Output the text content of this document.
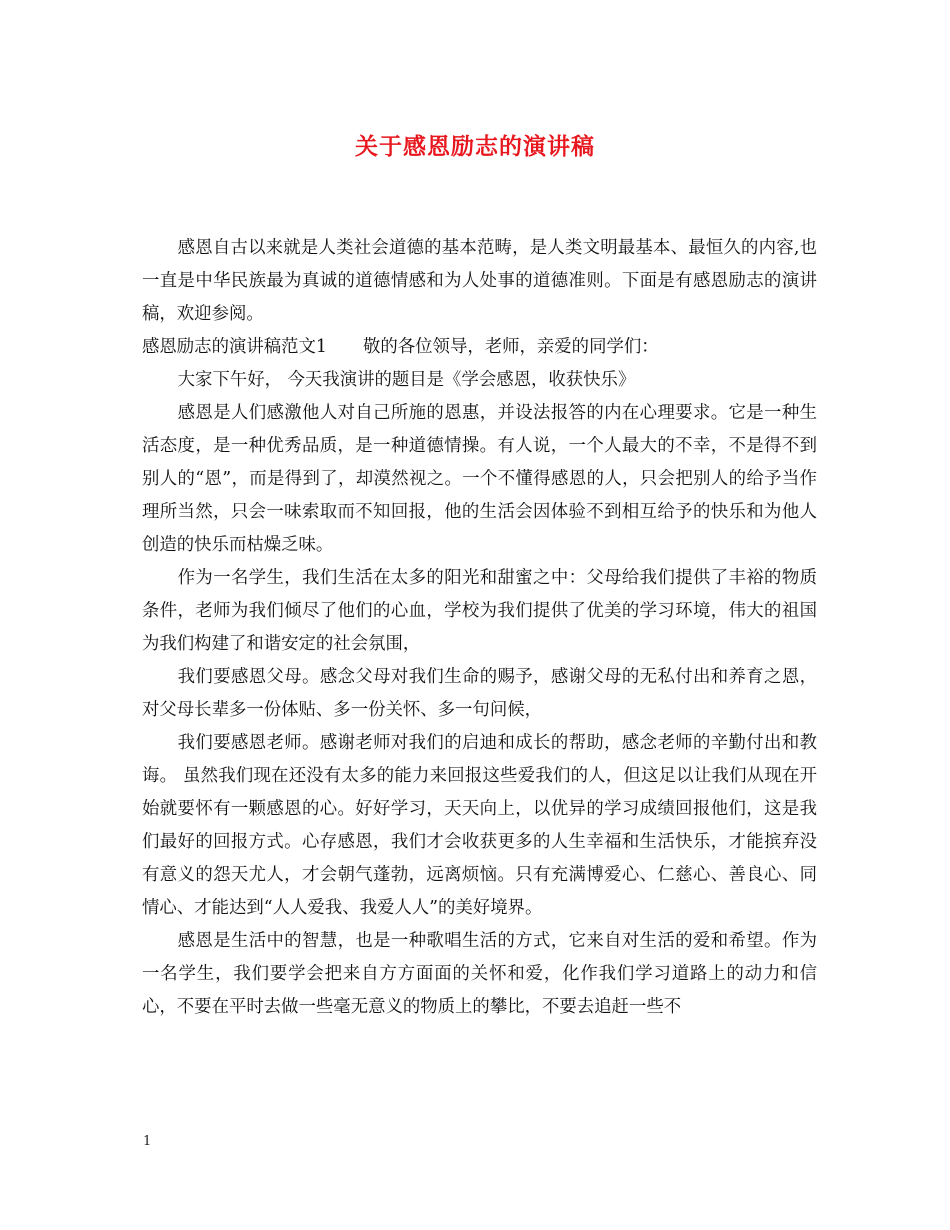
关于感恩励志的演讲稿

感恩自古以来就是人类社会道德的基本范畴，是人类文明最基本、最恒久的内容,也一直是中华民族最为真诚的道德情感和为人处事的道德准则。下面是有感恩励志的演讲稿，欢迎参阅。

感恩励志的演讲稿范文1 敬的各位领导，老师，亲爱的同学们：

大家下午好， 今天我演讲的题目是《学会感恩，收获快乐》

感恩是人们感激他人对自己所施的恩惠，并设法报答的内在心理要求。它是一种生活态度，是一种优秀品质，是一种道德情操。有人说，一个人最大的不幸，不是得不到别人的“恩”，而是得到了，却漠然视之。一个不懂得感恩的人，只会把别人的给予当作理所当然，只会一味索取而不知回报，他的生活会因体验不到相互给予的快乐和为他人创造的快乐而枯燥乏味。

作为一名学生，我们生活在太多的阳光和甜蜜之中：父母给我们提供了丰裕的物质条件，老师为我们倾尽了他们的心血，学校为我们提供了优美的学习环境，伟大的祖国为我们构建了和谐安定的社会氛围，

我们要感恩父母。感念父母对我们生命的赐予，感谢父母的无私付出和养育之恩，对父母长辈多一份体贴、多一份关怀、多一句问候，

我们要感恩老师。感谢老师对我们的启迪和成长的帮助，感念老师的辛勤付出和教诲。 虽然我们现在还没有太多的能力来回报这些爱我们的人，但这足以让我们从现在开始就要怀有一颗感恩的心。好好学习，天天向上，以优异的学习成绩回报他们，这是我们最好的回报方式。心存感恩，我们才会收获更多的人生幸福和生活快乐，才能摈弃没有意义的怨天尤人，才会朝气蓬勃，远离烦恼。只有充满博爱心、仁慈心、善良心、同情心、才能达到“人人爱我、我爱人人”的美好境界。

感恩是生活中的智慧，也是一种歌唱生活的方式，它来自对生活的爱和希望。作为一名学生，我们要学会把来自方方面面的关怀和爱，化作我们学习道路上的动力和信心，不要在平时去做一些毫无意义的物质上的攀比，不要去追赶一些不

1
